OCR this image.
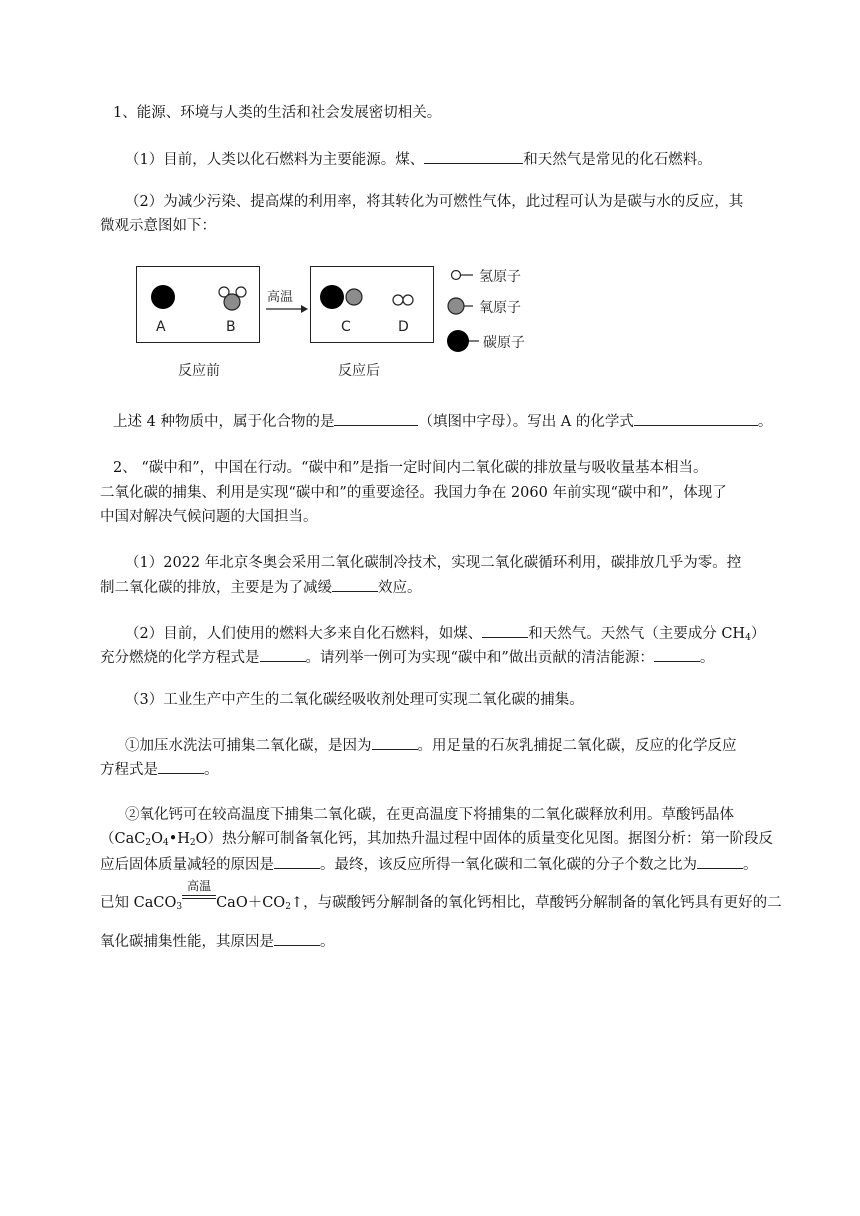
1、能源、环境与人类的生活和社会发展密切相关。

（1）目前，人类以化石燃料为主要能源。煤、	和天然气是常见的化石燃料。

（2）为减少污染、提高煤的利用率，将其转化为可燃性气体，此过程可认为是碳与水的反应，其

微观示意图如下：

A	B	C	D
高温
反应前	反应后
氢原子
氧原子
碳原子

上述 4 种物质中，属于化合物的是	（填图中字母）。写出 A 的化学式	。

2、 “碳中和”，中国在行动。“碳中和”是指一定时间内二氧化碳的排放量与吸收量基本相当。

二氧化碳的捕集、利用是实现“碳中和”的重要途径。我国力争在 2060 年前实现“碳中和”，体现了

中国对解决气候问题的大国担当。

（1）2022 年北京冬奥会采用二氧化碳制冷技术，实现二氧化碳循环利用，碳排放几乎为零。控

制二氧化碳的排放，主要是为了减缓	效应。

（2）目前，人们使用的燃料大多来自化石燃料，如煤、	和天然气。天然气（主要成分 $CH_4$）

充分燃烧的化学方程式是	。请列举一例可为实现“碳中和”做出贡献的清洁能源：	。

（3）工业生产中产生的二氧化碳经吸收剂处理可实现二氧化碳的捕集。

①加压水洗法可捕集二氧化碳，是因为	。用足量的石灰乳捕捉二氧化碳，反应的化学反应

方程式是	。

②氧化钙可在较高温度下捕集二氧化碳，在更高温度下将捕集的二氧化碳释放利用。草酸钙晶体

$(CaC_2O_4•H_2O)$热分解可制备氧化钙，其加热升温过程中固体的质量变化见图。据图分析：第一阶段反

应后固体质量减轻的原因是	。最终，该反应所得一氧化碳和二氧化碳的分子个数之比为	。

已知 CaCO$_3$
高温
$CaO+CO_2↑$，与碳酸钙分解制备的氧化钙相比，草酸钙分解制备的氧化钙具有更好的二

氧化碳捕集性能，其原因是	。
